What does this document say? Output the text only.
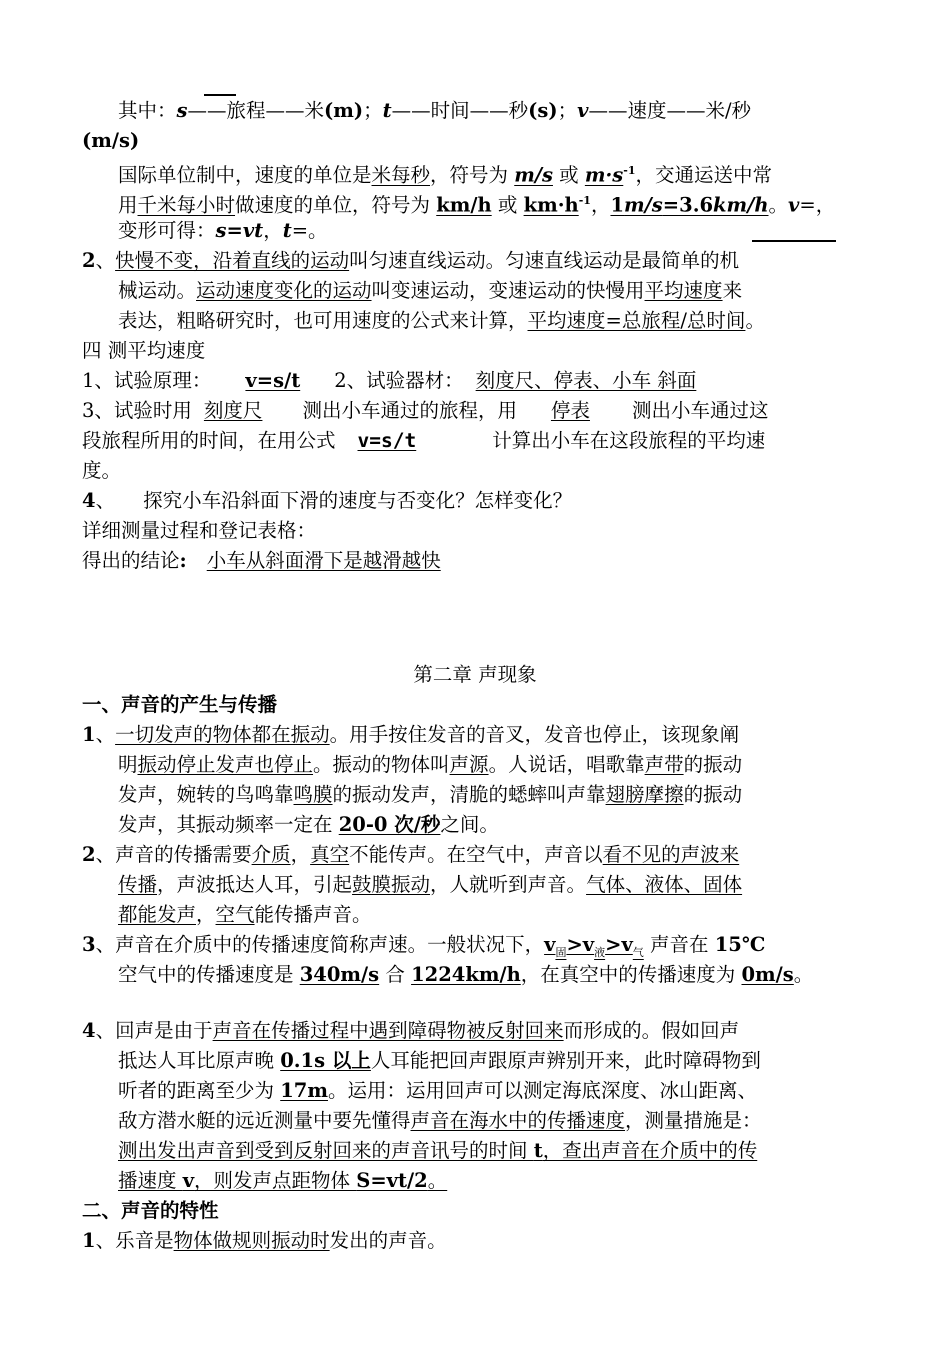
其中：s——旅程——米(m)；t——时间——秒(s)；v——速度——米/秒
(m/s)
国际单位制中，速度的单位是米每秒，符号为 m/s 或 $m\cdot s^{-1}$，交通运送中常
用千米每小时做速度的单位，符号为 km/h 或 $km\cdot h^{-1}$，1m/s=3.6km/h。v=，
变形可得：s=vt，t=。
2、快慢不变，沿着直线的运动叫匀速直线运动。匀速直线运动是最简单的机
械运动。运动速度变化的运动叫变速运动，变速运动的快慢用平均速度来
表达，粗略研究时，也可用速度的公式来计算，平均速度=总旅程/总时间。
四 测平均速度
1、试验原理： v=s/t 2、试验器材： 刻度尺、停表、小车 斜面
3、试验时用 刻度尺 测出小车通过的旅程，用 停表 测出小车通过这
段旅程所用的时间，在用公式 v=s/t	计算出小车在这段旅程的平均速
度。
4、 探究小车沿斜面下滑的速度与否变化？怎样变化？
详细测量过程和登记表格：
得出的结论: 小车从斜面滑下是越滑越快
第二章 声现象
一、声音的产生与传播
1、一切发声的物体都在振动。用手按住发音的音叉，发音也停止，该现象阐
明振动停止发声也停止。振动的物体叫声源。人说话，唱歌靠声带的振动
发声，婉转的鸟鸣靠鸣膜的振动发声，清脆的蟋蟀叫声靠翅膀摩擦的振动
发声，其振动频率一定在 20-0 次/秒之间。
2、声音的传播需要介质，真空不能传声。在空气中，声音以看不见的声波来
传播，声波抵达人耳，引起鼓膜振动，人就听到声音。气体、液体、固体
都能发声，空气能传播声音。
3、声音在介质中的传播速度简称声速。一般状况下，$v_固>v_液>v_气$ 声音在 15℃
空气中的传播速度是 340m/s 合 1224km/h，在真空中的传播速度为 0m/s。
4、回声是由于声音在传播过程中遇到障碍物被反射回来而形成的。假如回声
抵达人耳比原声晚 0.1s 以上人耳能把回声跟原声辨别开来，此时障碍物到
听者的距离至少为 17m。运用：运用回声可以测定海底深度、冰山距离、
敌方潜水艇的远近测量中要先懂得声音在海水中的传播速度，测量措施是：
测出发出声音到受到反射回来的声音讯号的时间 t，查出声音在介质中的传
播速度 v，则发声点距物体 S=vt/2。
二、声音的特性
1、乐音是物体做规则振动时发出的声音。
